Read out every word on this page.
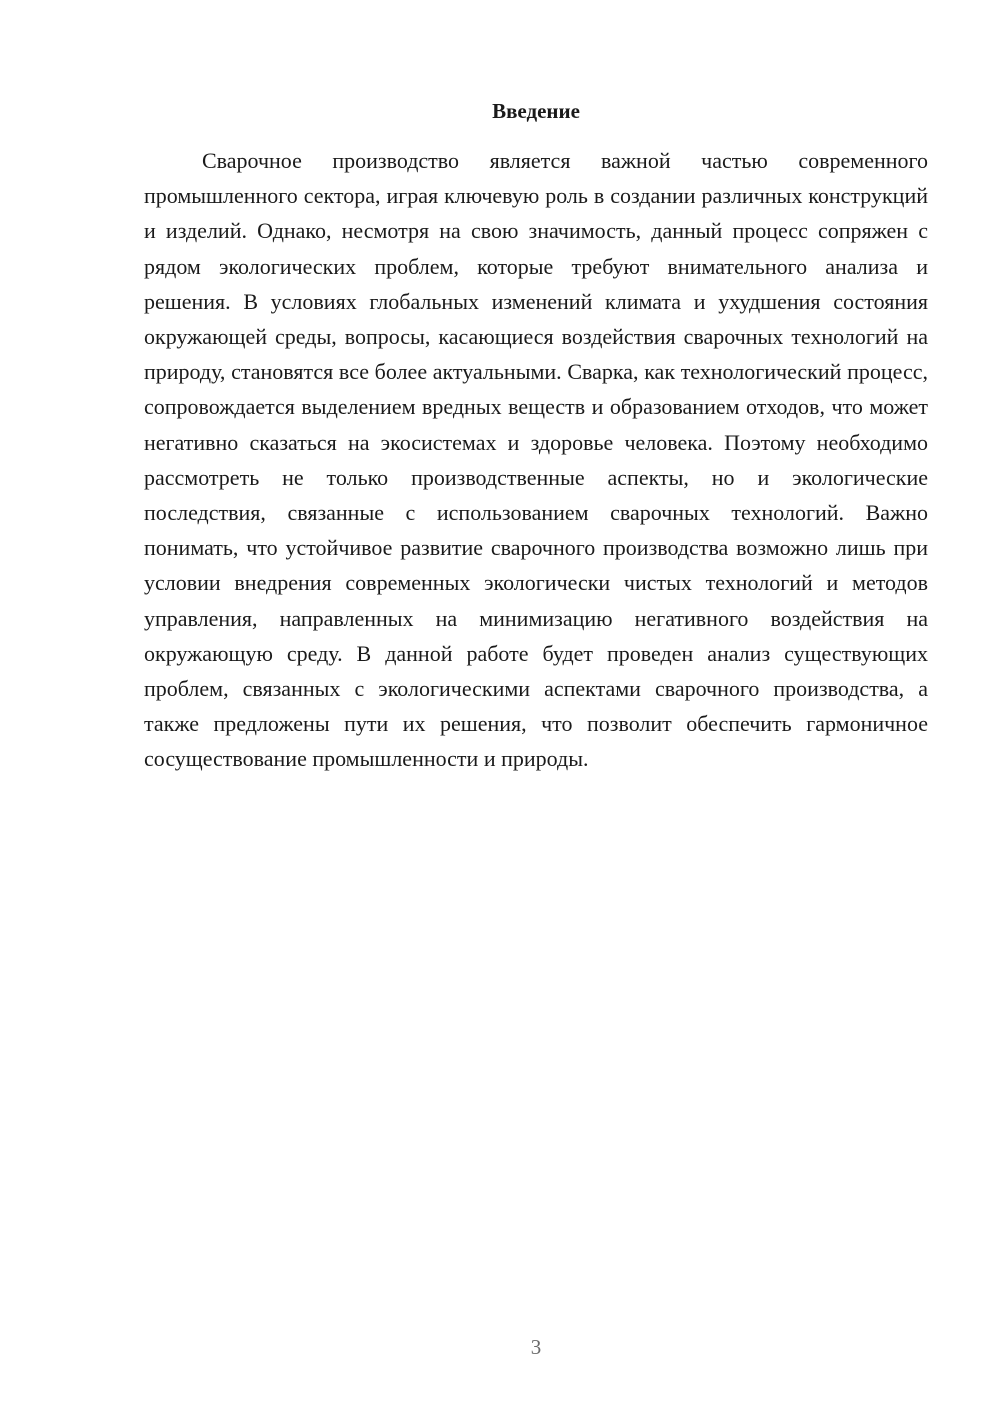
Введение

Сварочное производство является важной частью современного промышленного сектора, играя ключевую роль в создании различных конструкций и изделий. Однако, несмотря на свою значимость, данный процесс сопряжен с рядом экологических проблем, которые требуют внимательного анализа и решения. В условиях глобальных изменений климата и ухудшения состояния окружающей среды, вопросы, касающиеся воздействия сварочных технологий на природу, становятся все более актуальными. Сварка, как технологический процесс, сопровождается выделением вредных веществ и образованием отходов, что может негативно сказаться на экосистемах и здоровье человека. Поэтому необходимо рассмотреть не только производственные аспекты, но и экологические последствия, связанные с использованием сварочных технологий. Важно понимать, что устойчивое развитие сварочного производства возможно лишь при условии внедрения современных экологически чистых технологий и методов управления, направленных на минимизацию негативного воздействия на окружающую среду. В данной работе будет проведен анализ существующих проблем, связанных с экологическими аспектами сварочного производства, а также предложены пути их решения, что позволит обеспечить гармоничное сосуществование промышленности и природы.

3
